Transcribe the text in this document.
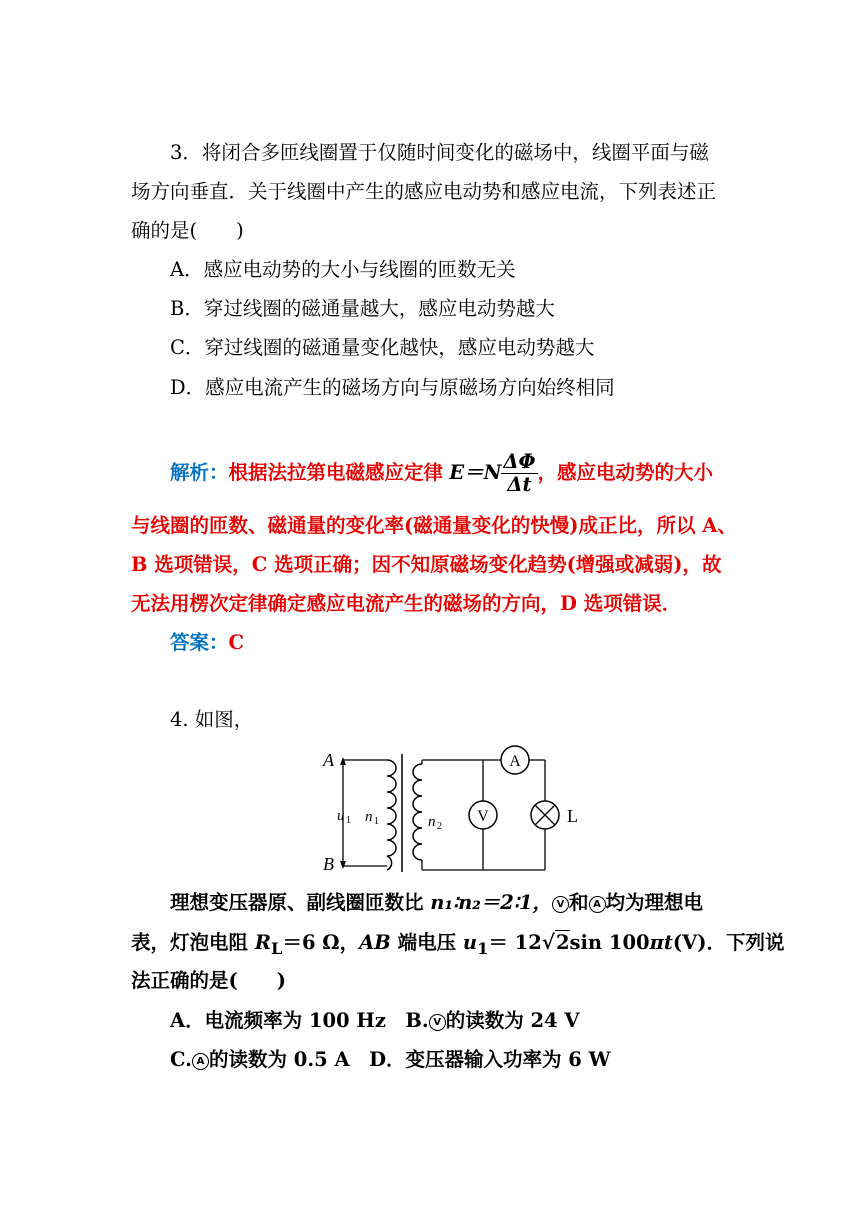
3．将闭合多匝线圈置于仅随时间变化的磁场中，线圈平面与磁
场方向垂直．关于线圈中产生的感应电动势和感应电流，下列表述正
确的是(　　)
A．感应电动势的大小与线圈的匝数无关
B．穿过线圈的磁通量越大，感应电动势越大
C．穿过线圈的磁通量变化越快，感应电动势越大
D．感应电流产生的磁场方向与原磁场方向始终相同
解析：根据法拉第电磁感应定律 $E=N \frac{\Delta\Phi}{\Delta t}$ ，感应电动势的大小
与线圈的匝数、磁通量的变化率(磁通量变化的快慢)成正比，所以 A、
B 选项错误，C 选项正确；因不知原磁场变化趋势(增强或减弱)，故
无法用楞次定律确定感应电流产生的磁场的方向，D 选项错误．
答案：C
4. 如图，
A
B
u 1 n 1	n 2
A
V	L
理想变压器原、副线圈匝数比 n₁∶n₂＝2∶1， V 和 A 均为理想电
表，灯泡电阻 $R_L=6$ Ω，AB 端电压 $u_1= 12√2\sin$ 100πt(V)．下列说
法正确的是(　　)
A．电流频率为 100 Hz　B. V 的读数为 24 V
C. A 的读数为 0.5 A　D．变压器输入功率为 6 W
